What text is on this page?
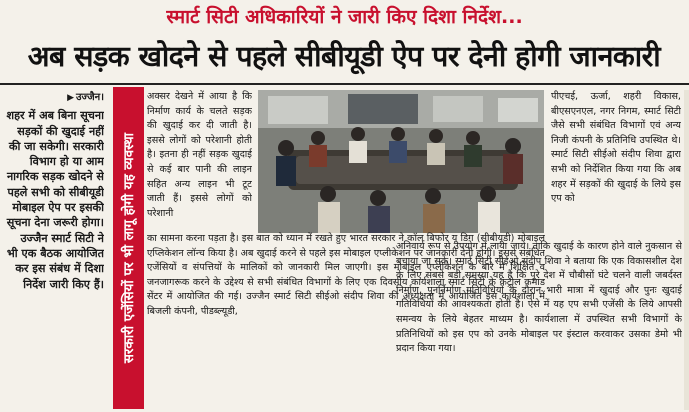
स्मार्ट सिटी अधिकारियों ने जारी किए दिशा निर्देश...
अब सड़क खोदने से पहले सीबीयूडी ऐप पर देनी होगी जानकारी
▶ उज्जैन।
शहर में अब बिना सूचना सड़कों की खुदाई नहीं की जा सकेगी। सरकारी विभाग हो या आम नागरिक सड़क खोदने से पहले सभी को सीबीयूडी मोबाइल ऐप पर इसकी सूचना देना जरूरी होगा। उज्जैन स्मार्ट सिटी ने भी एक बैठक आयोजित कर इस संबंध में दिशा निर्देश जारी किए हैं। सरकारी एजेंसियों पर भी लागू होगी यह व्यवस्था
अक्सर देखने में आया है कि निर्माण कार्य के चलते सड़क की खुदाई कर दी जाती है। इससे लोगों को परेशानी होती है। इतना ही नहीं सड़क खुदाई से कई बार पानी की लाइन सहित अन्य लाइन भी टूट जाती हैं। इससे लोगों को परेशानी
का सामना करना पड़ता है। इस बात को ध्यान में रखते हुए भारत सरकार ने कॉल बिफोर यू डिग (सीबीयूडी) मोबाइल एप्लिकेशन लॉन्च किया है। अब खुदाई करने से पहले इस मोबाइल एप्लीकेशन पर जानकारी देनी होगी। इससे संबंधित एजेंसियों व संपत्तियों के मालिकों को जानकारी मिल जाएगी। इस मोबाइल एप्लीकेशन के बारे में शिक्षित व जनजागरूक करने के उद्देश्य से सभी संबंधित विभागों के लिए एक दिवसीय कार्यशाला स्मार्ट सिटी के कंट्रोल कमांड सेंटर में आयोजित की गई। उज्जैन स्मार्ट सिटी सीईओ संदीप शिवा की अध्यक्षता में आयोजित इस कार्यशाला में बिजली कंपनी, पीडब्ल्यूडी,
पीएचई, ऊर्जा, शहरी विकास, बीएसएनएल, नगर निगम, स्मार्ट सिटी जैसे सभी संबंधित विभागों एवं अन्य निजी कंपनी के प्रतिनिधि उपस्थित थे। स्मार्ट सिटी सीईओ संदीप शिवा द्वारा सभी को निर्देशित किया गया कि अब शहर में सड़कों की खुदाई के लिये इस एप को
अनिवार्य रूप से उपयोग में लाया जाये। ताकि खुदाई के कारण होने वाले नुकसान से बचाया जा सके। स्मार्ट सिटी सीईओ संदीप शिवा ने बताया कि एक विकासशील देश के लिए सबसे बड़ी समस्या यह है कि पूरे देश में चौबीसों घंटे चलने वाली जबर्दस्त निर्माण, पुनर्निर्माण गतिविधियों के दौरान भारी मात्रा में खुदाई और पुनः खुदाई गतिविधियों की आवश्यकता होती है। ऐसे में यह एप सभी एजेंसी के लिये आपसी समन्वय के लिये बेहतर माध्यम है। कार्यशाला में उपस्थित सभी विभागों के प्रतिनिधियों को इस एप को उनके मोबाइल पर इंस्टाल करवाकर उसका डेमो भी प्रदान किया गया।
